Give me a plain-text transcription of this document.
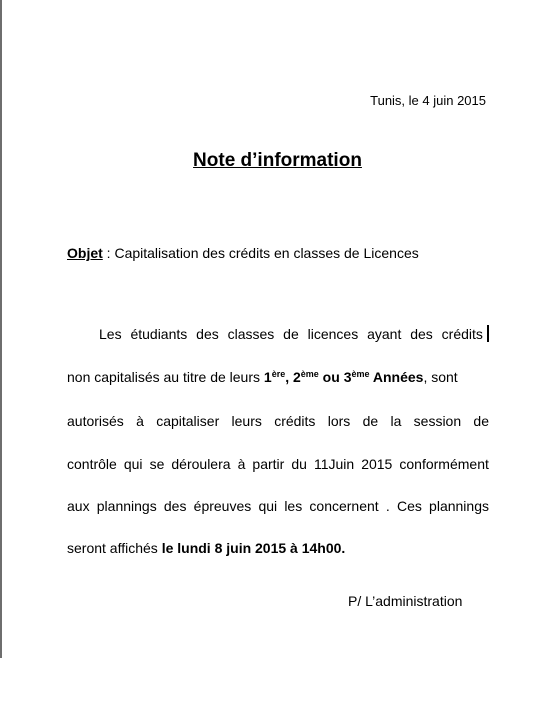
Tunis, le 4 juin 2015
Note d’information
Objet : Capitalisation des crédits en classes de Licences
Les étudiants des classes de licences ayant des crédits
non capitalisés au titre de leurs 1ère, 2ème ou 3ème Années, sont
autorisés à capitaliser leurs crédits lors de la session de
contrôle qui se déroulera à partir du 11Juin 2015 conformément
aux plannings des épreuves qui les concernent . Ces plannings
seront affichés le lundi 8 juin 2015 à 14h00.
P/ L’administration
